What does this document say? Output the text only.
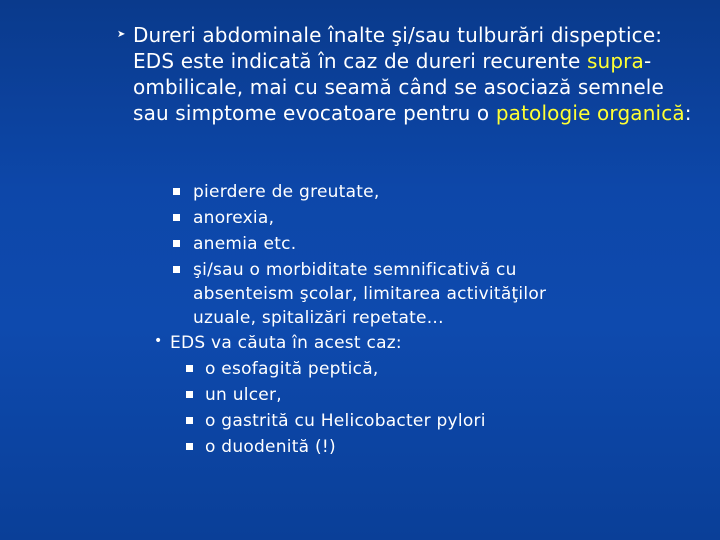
➤ Dureri abdominale înalte şi/sau tulburări dispeptice: EDS este indicată în caz de dureri recurente supra-ombilicale, mai cu seamă când se asociază semnele sau simptome evocatoare pentru o patologie organică:
pierdere de greutate,
anorexia,
anemia etc.
şi/sau o morbiditate semnificativă cu
absenteism şcolar, limitarea activităţilor
uzuale, spitalizări repetate...
• EDS va căuta în acest caz:
o esofagită peptică,
un ulcer,
o gastrită cu Helicobacter pylori
o duodenită (!)
